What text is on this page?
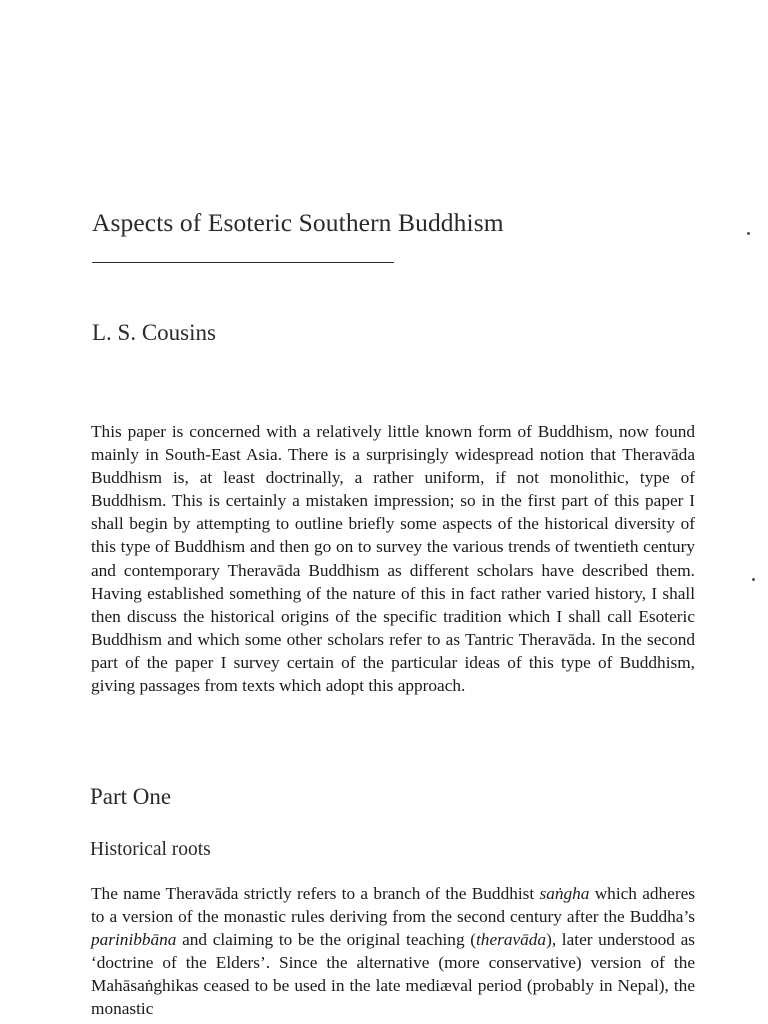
Aspects of Esoteric Southern Buddhism
L. S. Cousins

This paper is concerned with a relatively little known form of Buddhism, now found mainly in South-East Asia. There is a surprisingly widespread notion that Theravāda Buddhism is, at least doctrinally, a rather uniform, if not monolithic, type of Buddhism. This is certainly a mistaken impression; so in the first part of this paper I shall begin by attempting to outline briefly some aspects of the historical diversity of this type of Buddhism and then go on to survey the various trends of twentieth century and contemporary Theravāda Buddhism as different scholars have described them. Having established something of the nature of this in fact rather varied history, I shall then discuss the historical origins of the specific tradition which I shall call Esoteric Buddhism and which some other scholars refer to as Tantric Theravāda. In the second part of the paper I survey certain of the particular ideas of this type of Buddhism, giving passages from texts which adopt this approach.

Part One
Historical roots

The name Theravāda strictly refers to a branch of the Buddhist saṅgha which adheres to a version of the monastic rules deriving from the second century after the Buddha’s parinibbāna and claiming to be the original teaching (theravāda), later understood as ‘doctrine of the Elders’. Since the alternative (more conservative) version of the Mahāsaṅghikas ceased to be used in the late mediæval period (probably in Nepal), the monastic
